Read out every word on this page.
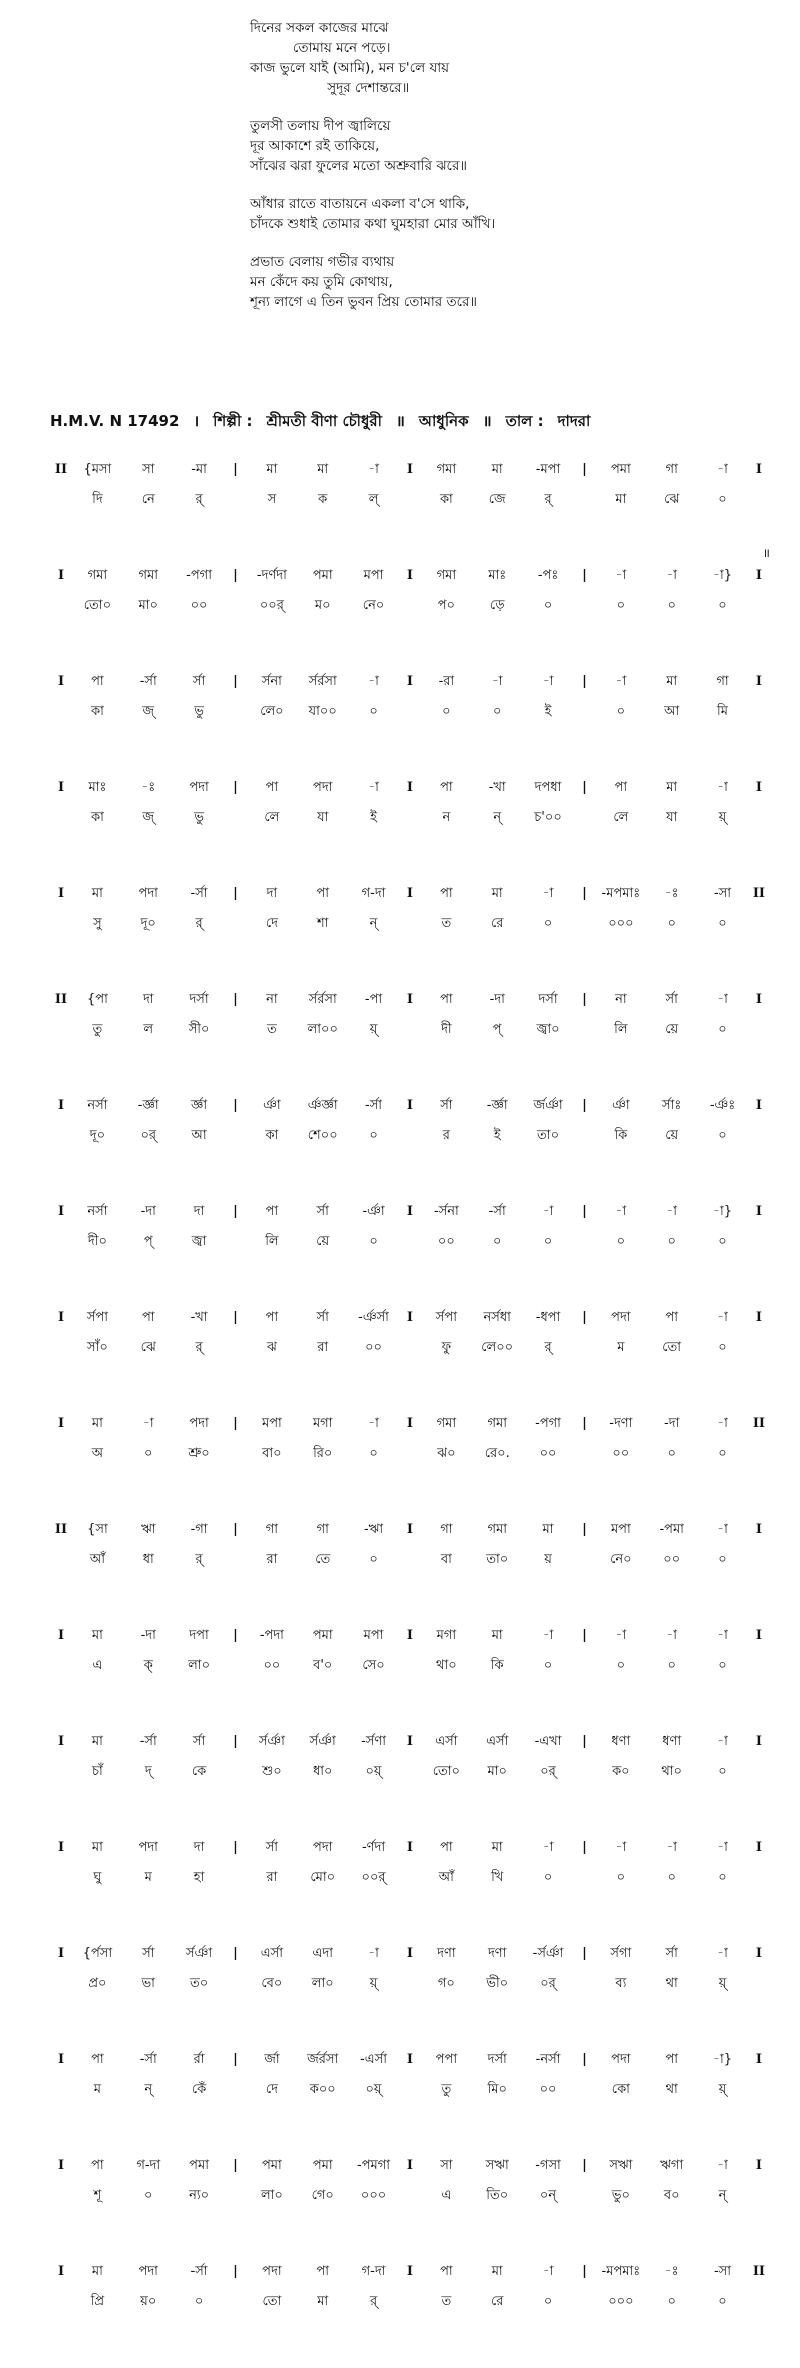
দিনের সকল কাজের মাঝে
তোমায় মনে পড়ে।
কাজ ভুলে যাই (আমি), মন চ'লে যায়
সুদূর দেশান্তরে॥
তুলসী তলায় দীপ জ্বালিয়ে
দূর আকাশে রই তাকিয়ে,
সাঁঝের ঝরা ফুলের মতো অশ্রুবারি ঝরে॥
আঁধার রাতে বাতায়নে একলা ব'সে থাকি,
চাঁদকে শুধাই তোমার কথা ঘুমহারা মোর আঁখি।
প্রভাত বেলায় গভীর ব্যথায়
মন কেঁদে কয় তুমি কোথায়,
শূন্য লাগে এ তিন ভুবন প্রিয় তোমার তরে॥
H.M.V. N 17492 । শিল্পী : শ্রীমতী বীণা চৌধুরী ॥ আধুনিক ॥ তাল : দাদরা
II	{মসা	সা	-মা	|	মা	মা	-া	I	গমা	মা	-মপা	|	পমা	গা	-া	I
দি	নে	র্	স	ক	ল্	কা	জে	র্	মা	ঝে	০
॥
I	গমা	গমা	-পগা	|	-দর্ণদা	পমা	মপা	I	গমা	মাঃ	-পঃ	|	-া	-া	-া}	I
তো০	মা০	০০	০০র্	ম০	নে০	প০	ড়ে	০	০	০	০
I	পা	-র্সা	র্সা	|	র্সনা	র্সর্রসা	-া	I	-রা	-া	-া	|	-া	মা	গা	I
কা	জ্	ভু	লে০	যা০০	০	০	০	ই	০	আ	মি
I	মাঃ	-ঃ	পদা	|	পা	পদা	-া	I	পা	-খা	দপধা	|	পা	মা	-া	I
কা	জ্	ভু	লে	যা	ই	ন	ন্	চ'০০	লে	যা	য়্
I	মা	পদা	-র্সা	|	দা	পা	গ-দা	I	পা	মা	-া	|	-মপমাঃ	-ঃ	-সা	II
সু	দূ০	র্	দে	শা	ন্	ত	রে	০	০০০	০	০
II	{পা	দা	দর্সা	|	না	র্সর্রসা	-পা	I	পা	-দা	দর্সা	|	না	র্সা	-া	I
তু	ল	সী০	ত	লা০০	য়্	দী	প্	জ্বা০	লি	য়ে	০
I	নর্সা	-র্জ্ঞা	র্জ্ঞা	|	র্ঞা	র্ঞর্জ্ঞা	-র্সা	I	র্সা	-র্জ্ঞা	র্জর্ঞা	|	র্ঞা	র্সাঃ	-র্ঞঃ	I
দূ০	০র্	আ	কা	শে০০	০	র	ই	তা০	কি	য়ে	০
I	নর্সা	-দা	দা	|	পা	র্সা	-র্ঞা	I	-র্সনা	-র্সা	-া	|	-া	-া	-া}	I
দী০	প্	জ্বা	লি	য়ে	০	০০	০	০	০	০	০
I	র্সপা	পা	-খা	|	পা	র্সা	-র্ঞর্সা	I	র্সপা	নর্সধা	-ধপা	|	পদা	পা	-া	I
সাঁ০	ঝে	র্	ঝ	রা	০০	ফু	লে০০	র্	ম	তো	০
I	মা	-া	পদা	|	মপা	মগা	-া	I	গমা	গমা	-পগা	|	-দণা	-দা	-া	II
অ	০	শ্রু০	বা০	রি০	০	ঝ০	রে০.	০০	০০	০	০
II	{সা	ঋা	-গা	|	গা	গা	-ঋা	I	গা	গমা	মা	|	মপা	-পমা	-া	I
আঁ	ধা	র্	রা	তে	০	বা	তা০	য়	নে০	০০	০
I	মা	-দা	দপা	|	-পদা	পমা	মপা	I	মগা	মা	-া	|	-া	-া	-া	I
এ	ক্	লা০	০০	ব'০	সে০	থা০	কি	০	০	০	০
I	মা	-র্সা	র্সা	|	র্সর্ঞা	র্সর্ঞা	-র্সণা	I	এর্সা	এর্সা	-এখা	|	ধণা	ধণা	-া	I
চাঁ	দ্	কে	শু০	ধা০	০য়্	তো০	মা০	০র্	ক০	থা০	০
I	মা	পদা	দা	|	র্সা	পদা	-র্ণদা	I	পা	মা	-া	|	-া	-া	-া	I
ঘু	ম	হা	রা	মো০	০০র্	আঁ	খি	০	০	০	০
I	{র্পসা	র্সা	র্সর্ঞা	|	এর্সা	এদা	-া	I	দণা	দণা	-র্সর্ঞা	|	র্সগা	র্সা	-া	I
প্র০	ভা	ত০	বে০	লা০	য়্	গ০	ভী০	০র্	ব্য	থা	য়্
I	পা	-র্সা	র্রা	|	র্জা	র্জর্রসা	-এর্সা	I	পপা	দর্সা	-নর্সা	|	পদা	পা	-া}	I
ম	ন্	কেঁ	দে	ক০০	০য়্	তু	মি০	০০	কো	থা	য়্
I	পা	গ-দা	পমা	|	পমা	পমা	-পমগা	I	সা	সঋা	-গসা	|	সঋা	ঋগা	-া	I
শূ	০	ন্য০	লা০	গে০	০০০	এ	তি০	০ন্	ভু০	ব০	ন্
I	মা	পদা	-র্সা	|	পদা	পা	গ-দা	I	পা	মা	-া	|	-মপমাঃ	-ঃ	-সা	II
প্রি	য়০	০	তো	মা	র্	ত	রে	০	০০০	০	০
